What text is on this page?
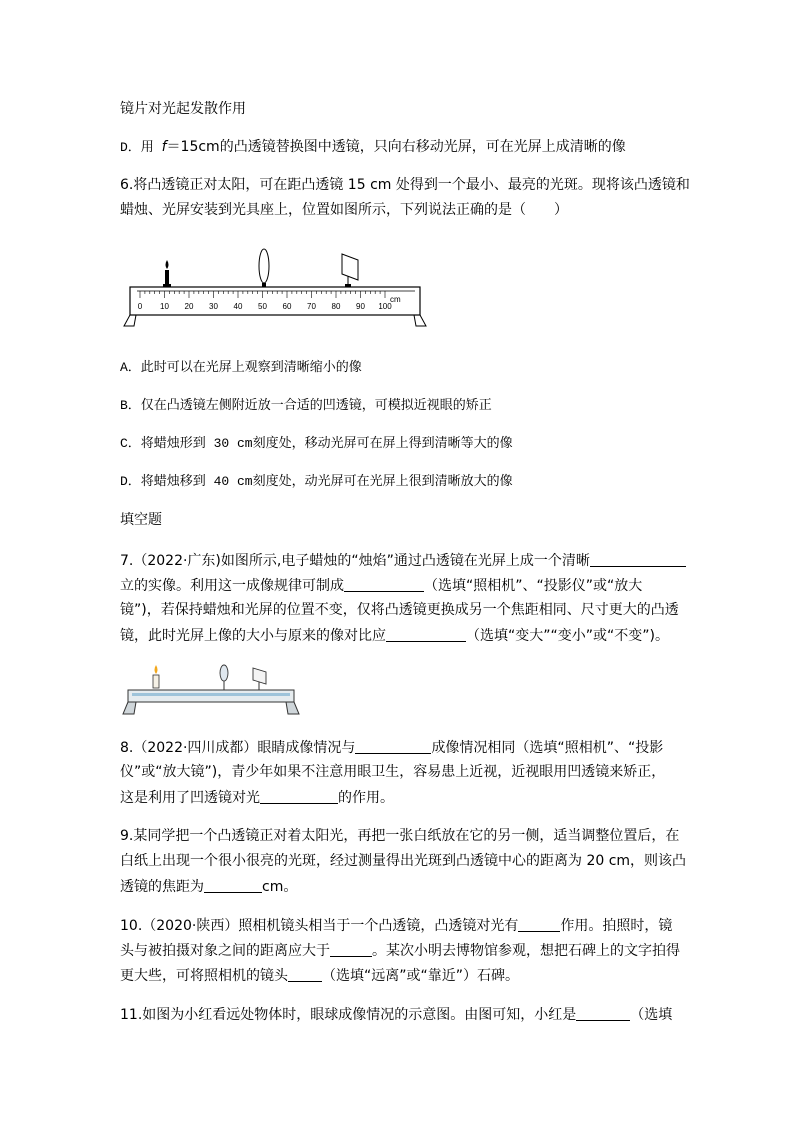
镜片对光起发散作用
D．用 f＝15cm的凸透镜替换图中透镜，只向右移动光屏，可在光屏上成清晰的像
6.将凸透镜正对太阳，可在距凸透镜 15 cm 处得到一个最小、最亮的光斑。现将该凸透镜和
蜡烛、光屏安装到光具座上，位置如图所示，下列说法正确的是（　　）
0 10 20 30 40 50 60 70 80 90 100
cm
A．此时可以在光屏上观察到清晰缩小的像
B．仅在凸透镜左侧附近放一合适的凹透镜，可模拟近视眼的矫正
C．将蜡烛形到 30 cm刻度处，移动光屏可在屏上得到清晰等大的像
D．将蜡烛移到 40 cm刻度处，动光屏可在光屏上很到清晰放大的像
填空题
7.（2022·广东)如图所示,电子蜡烛的“烛焰”通过凸透镜在光屏上成一个清晰
立的实像。利用这一成像规律可制成	（选填“照相机”、“投影仪”或“放大
镜”)，若保持蜡烛和光屏的位置不变，仅将凸透镜更换成另一个焦距相同、尺寸更大的凸透
镜，此时光屏上像的大小与原来的像对比应	（选填“变大”“变小”或“不变”)。
8.（2022·四川成都）眼睛成像情况与	成像情况相同（选填“照相机”、“投影
仪”或“放大镜”)，青少年如果不注意用眼卫生，容易患上近视，近视眼用凹透镜来矫正，
这是利用了凹透镜对光	的作用。
9.某同学把一个凸透镜正对着太阳光，再把一张白纸放在它的另一侧，适当调整位置后，在
白纸上出现一个很小很亮的光斑，经过测量得出光斑到凸透镜中心的距离为 20 cm，则该凸
透镜的焦距为	cm。
10.（2020·陕西）照相机镜头相当于一个凸透镜，凸透镜对光有	作用。拍照时，镜
头与被拍摄对象之间的距离应大于	。某次小明去博物馆参观，想把石碑上的文字拍得
更大些，可将照相机的镜头 （选填“远离”或“靠近”）石碑。
11.如图为小红看远处物体时，眼球成像情况的示意图。由图可知，小红是	（选填
